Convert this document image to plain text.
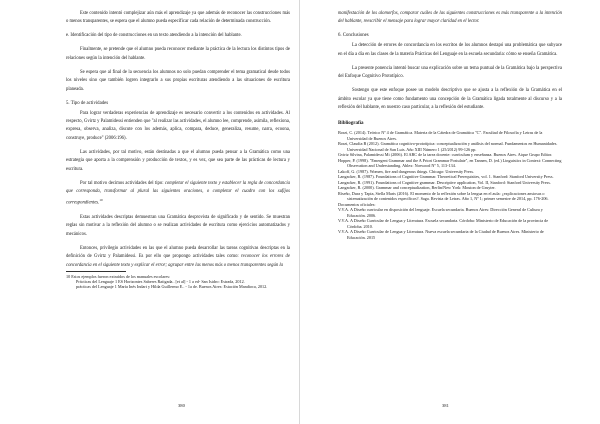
Este contenido intentó complejizar aún más el aprendizaje ya que además de reconocer las construcciones más o menos transparentes, se espera que el alumno pueda especificar cada relación de determinada construcción.

e. Identificación del tipo de construcciones en un texto atendiendo a la intención del hablante.

Finalmente, se pretende que el alumno pueda reconocer mediante la práctica de la lectura los distintos tipos de relaciones según la intención del hablante.

Se espera que al final de la secuencia los alumnos no solo puedan comprender el tema gramatical desde todos los niveles sino que también logren integrarlo a sus propias escrituras atendiendo a las situaciones de escritura planeada.

5. Tipo de actividades

Para lograr verdaderas experiencias de aprendizaje es necesario convertir a los contenidos en actividades. Al respecto, Gvirtz y Palamidessi entienden que "al realizar las actividades, el alumno lee, comprende, asimila, reflexiona, expresa, observa, analiza, discute con los además, aplica, compara, deduce, generaliza, resume, narra, ecoona, construye, produce" (2006:196).

Las actividades, por tal motivo, están destinadas a que el alumno pueda pensar a la Gramática como una estrategia que aporta a la comprensión y producción de textos, y es vez, que sea parte de las prácticas de lectura y escritura.

Por tal motivo decimos actividades del tipo: completar el siguiente texto y establecer la regla de concordancia que corresponda, transformar al plural las siguientes oraciones, o completar el cuadro con los sufijos correspondientes.$^{10}$

Estas actividades descriptas demuestran una Gramática desprovista de significado y de sentido. Se muestran reglas sin motivar a la reflexión del alumno o se realizan actividades de escritura como ejercicios automatizados y mecánicos.

Entonces, privilegio actividades en las que el alumno pueda desarrollar las tareas cognitivas descriptas en la definición de Gvirtz y Palamidessi. Es por ello que propongo actividades tales como: reconocer los errores de concordancia en el siguiente texto y explicar el error; agrupar entre las menos más o menos transparentes según la

10 Estos ejemplos fueron extraídos de los manuales escolares:

Prácticas del Lenguaje 1 ES Horizontes Saberes Ratigada.. [et al] - 1 a ed- San Isidro: Estrada, 2012.

prácticas del Lenguaje 1 María Inés Indart y Hilda Guillermo E.. - 1a de. Buenos Aires: Estación Mandioca, 2012.

380

manifestación de los alomorfos, comparar cuáles de las siguientes construcciones es más transparente a la intención del hablante, reescribir el mensaje para lograr mayor claridad en el lector.

6. Conclusiones

La detección de errores de concordancia en los escritos de los alumnos destapó una problemática que subyace en el día a día en las clases de la materia Prácticas del Lenguaje en la escuela secundaria: cómo se enseña Gramática.

La presente ponencia intentó buscar una explicación sobre un tema puntual de la Gramática bajo la perspectiva del Enfoque Cognitivo Prototípico.

Sostengo que este enfoque posee un modelo descriptivo que se ajusta a la reflexión de la Gramática en el ámbito escolar ya que tiene como fundamento una concepción de la Gramática ligada totalmente al discurso y a la reflexión del hablante, en nuestro caso particular, a la reflexión del estudiante.

Bibliografía
Borzi, C. (2014). Teórico Nº 4 de Gramática. Materia de la Cátedra de Gramática "C". Facultad de Filosofía y Letras de la Universidad de Buenos Aires.
Borzi, Claudia B (2012). Gramática cognitivo-prototípica: conceptualización y análisis del normal. Fundamentos en Humanidades. Universidad Nacional de San Luis. Año XIII Número 1 (25/2012) 99-126 pp.
Gvirtz Silvina, Palamidessi Mi (2006). El ABC de la tarea docente: currículum y enseñanza. Buenos Aires. Aique Grupo Editor.
Hopper, P. (1998). "Emergent Grammar and the A Priori Grammar Postulate", en Tannen, D. (ed.) Linguistics in Context: Connecting Observation and Understanding. Ablex: Norwood Nº 5, 113-134.
Lakoff, G. (1987). Women, fire and dangerous things. Chicago: University Press.
Langacker, R. (1987). Foundations of Cognitive Grammar. Theoretical Prerequisites, vol. 1. Stanford: Stanford University Press.
Langacker, R. (1991). Foundations of Cognitive grammar. Descriptive application, Vol. II, Stanford: Stanford University Press.
Langacker, R. (2000). Grammar and conceptualization, Berlin/New York: Mouton de Gruyter.
Ríseño, Dura y Tapia, Stella Maris (2016). El momento de la reflexión sobre la lengua en el aula: ¿explicaciones ansiosas o sistematización de contenidos específicos?. Saga. Revista de Letras. Año 1, Nº 1; primer semestre de 2014, pp. 176-206.
Documentos oficiales:
V.V.A. A Diseño curricular en disposición del lenguaje. Escuela secundaria. Buenos Aires: Dirección General de Cultura y Educación. 2006.
V.V.A. A Diseño Curricular de Lengua y Literatura. Escuela secundaria. Córdoba: Ministerio de Educación de la provincia de Córdoba. 2010.
V.V.A. A Diseño Curricular de Lengua y Literatura. Nueva escuela secundaria de la Ciudad de Buenos Aires. Ministerio de Educación. 2015
381
